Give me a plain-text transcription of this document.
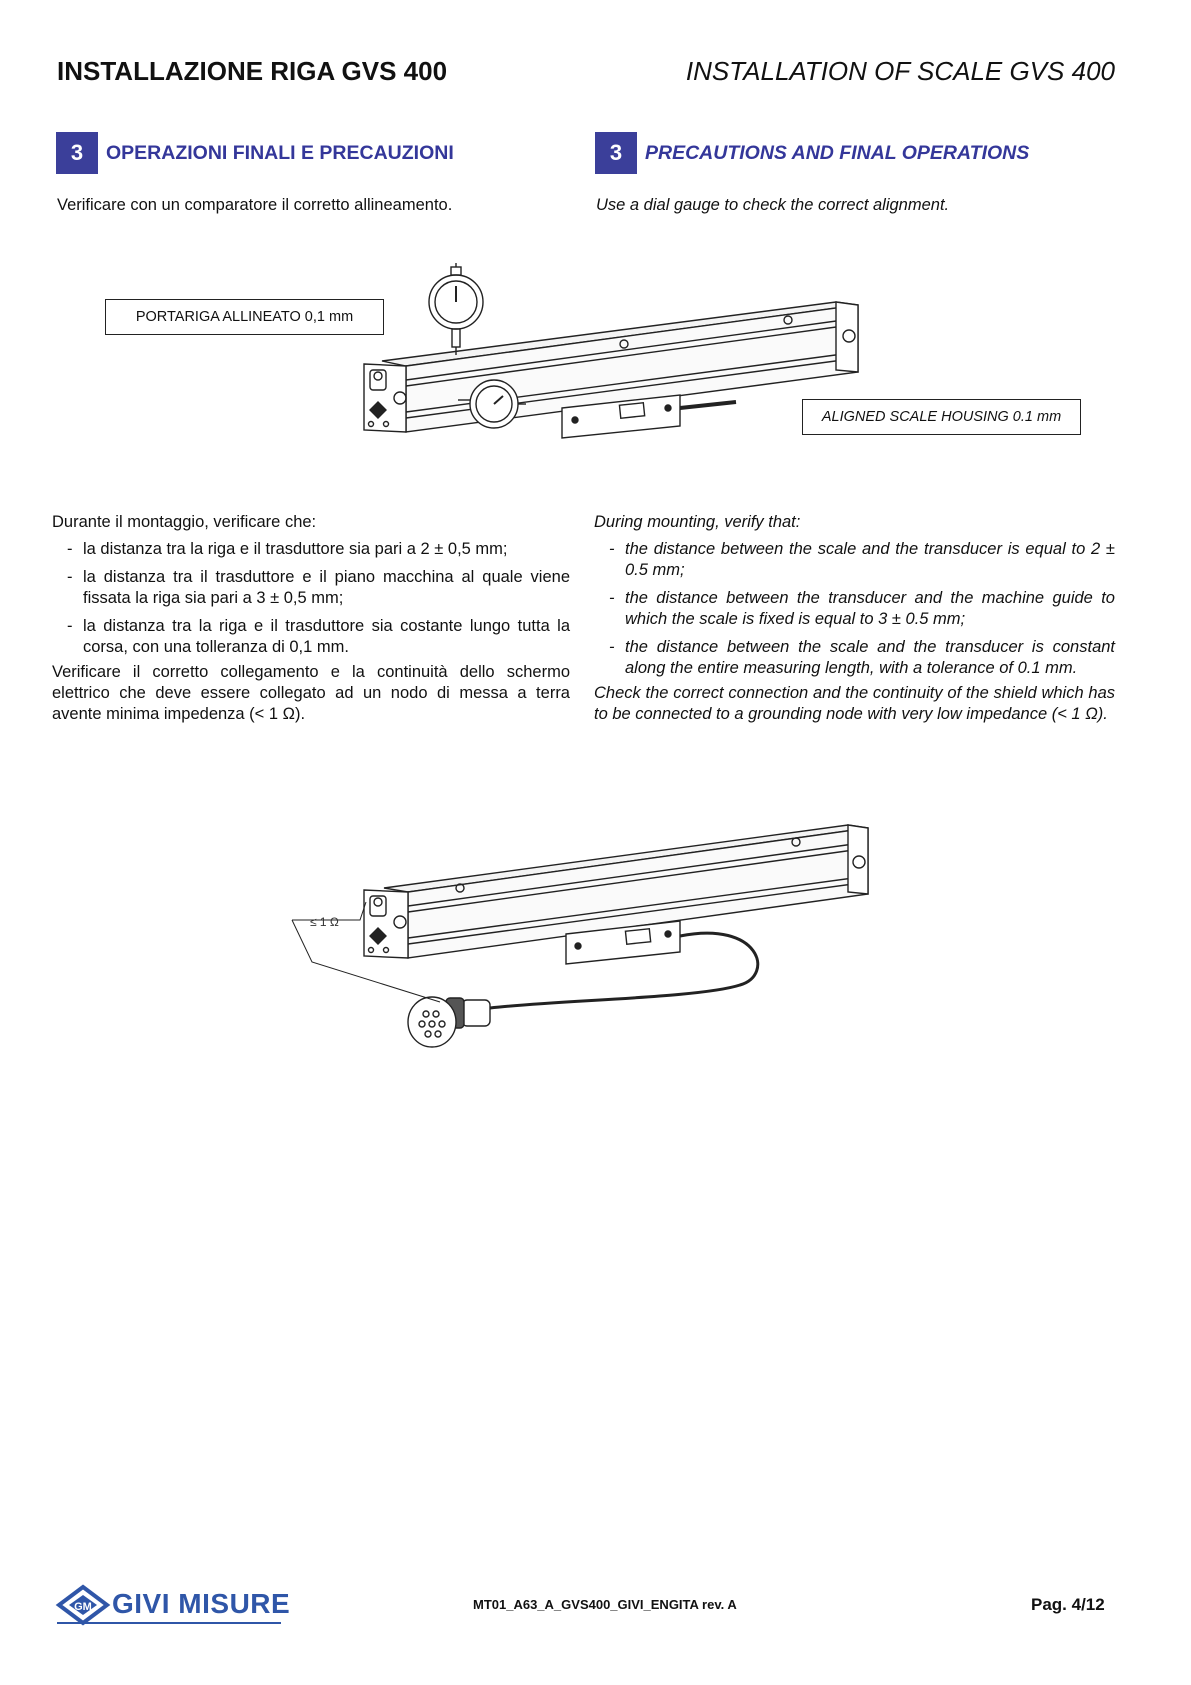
INSTALLAZIONE RIGA GVS 400	INSTALLATION OF SCALE GVS 400
3	OPERAZIONI FINALI E PRECAUZIONI	3	PRECAUTIONS AND FINAL OPERATIONS
Verificare con un comparatore il corretto allineamento.	Use a dial gauge to check the correct alignment.
PORTARIGA ALLINEATO 0,1 mm
ALIGNED SCALE HOUSING 0.1 mm

Durante il montaggio, verificare che:

- la distanza tra la riga e il trasduttore sia pari a 2 ± 0,5 mm;
- la distanza tra il trasduttore e il piano macchina al quale viene fissata la riga sia pari a 3 ± 0,5 mm;
- la distanza tra la riga e il trasduttore sia costante lungo tutta la corsa, con una tolleranza di 0,1 mm.

Verificare il corretto collegamento e la continuità dello schermo elettrico che deve essere collegato ad un nodo di messa a terra avente minima impedenza (< 1 Ω).

During mounting, verify that:

- the distance between the scale and the transducer is equal to 2 ± 0.5 mm;
- the distance between the transducer and the machine guide to which the scale is fixed is equal to 3 ± 0.5 mm;
- the distance between the scale and the transducer is constant along the entire measuring length, with a tolerance of 0.1 mm.

Check the correct connection and the continuity of the shield which has to be connected to a grounding node with very low impedance (< 1 Ω).

≤ 1 Ω
GM GIVI MISURE	MT01_A63_A_GVS400_GIVI_ENGITA rev. A	Pag. 4/12
